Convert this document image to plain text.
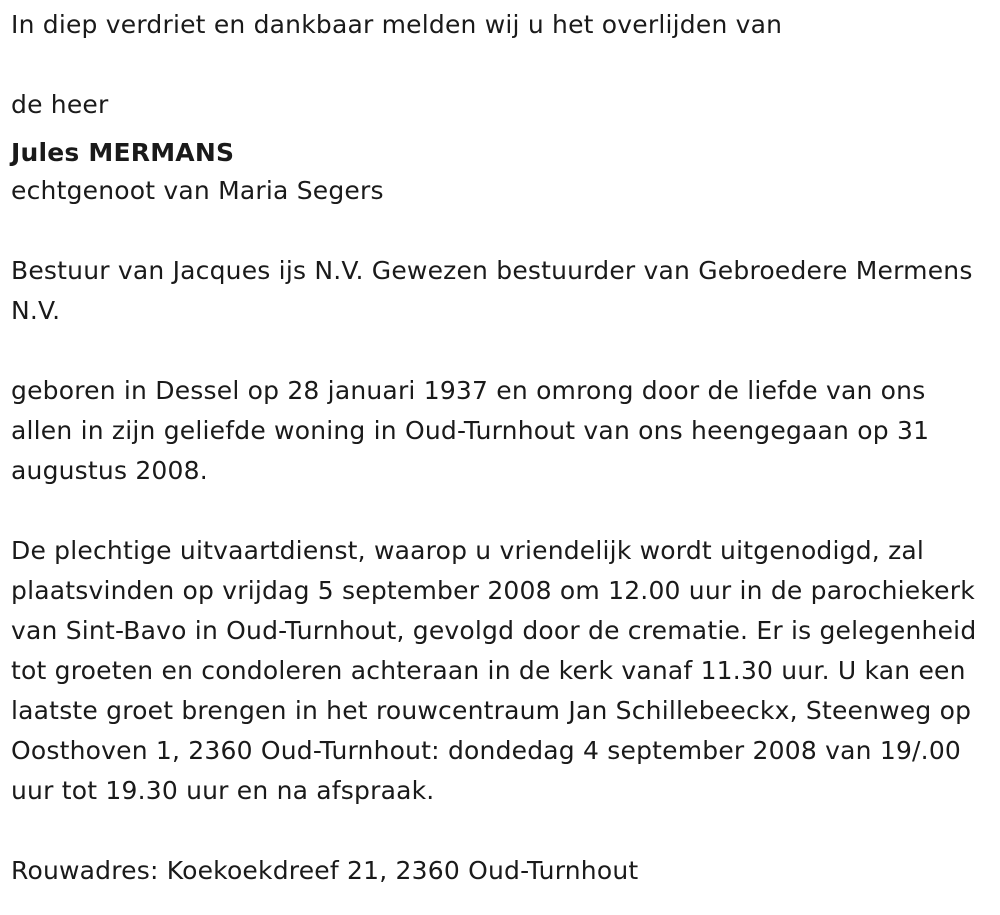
In diep verdriet en dankbaar melden wij u het overlijden van

de heer

Jules MERMANS

echtgenoot van Maria Segers

Bestuur van Jacques ijs N.V. Gewezen bestuurder van Gebroedere Mermens N.V.

geboren in Dessel op 28 januari 1937 en omrong door de liefde van ons allen in zijn geliefde woning in Oud-Turnhout van ons heengegaan op 31 augustus 2008.

De plechtige uitvaartdienst, waarop u vriendelijk wordt uitgenodigd, zal plaatsvinden op vrijdag 5 september 2008 om 12.00 uur in de parochiekerk van Sint-Bavo in Oud-Turnhout, gevolgd door de crematie. Er is gelegenheid tot groeten en condoleren achteraan in de kerk vanaf 11.30 uur. U kan een laatste groet brengen in het rouwcentraum Jan Schillebeeckx, Steenweg op Oosthoven 1, 2360 Oud-Turnhout: dondedag 4 september 2008 van 19/.00 uur tot 19.30 uur en na afspraak.

Rouwadres: Koekoekdreef 21, 2360 Oud-Turnhout
